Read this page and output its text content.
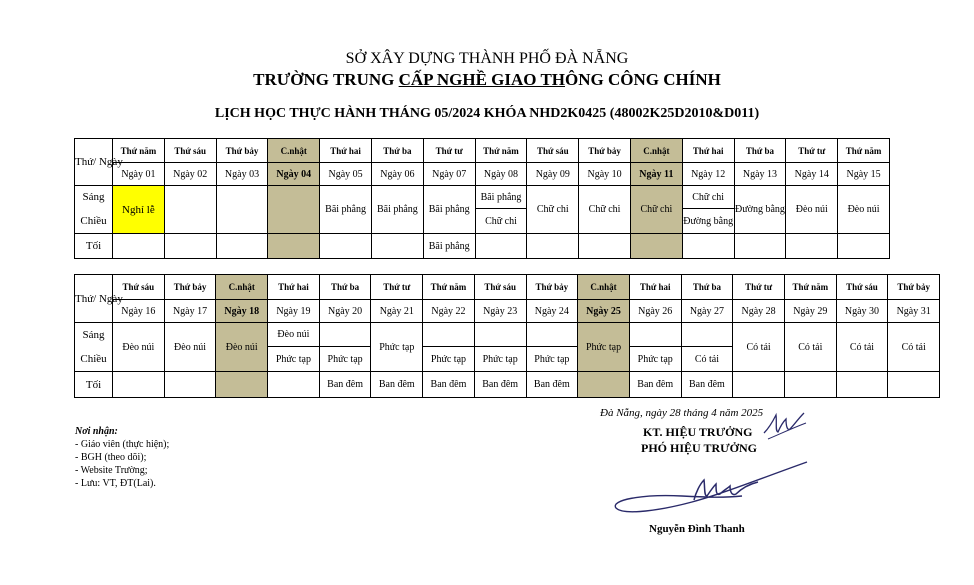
SỞ XÂY DỰNG THÀNH PHỐ ĐÀ NẴNG
TRƯỜNG TRUNG CẤP NGHỀ GIAO THÔNG CÔNG CHÍNH
LỊCH HỌC THỰC HÀNH THÁNG 05/2024 KHÓA NHD2K0425 (48002K25D2010&D011)
Thứ/ Ngày	Thứ năm	Thứ sáu	Thứ bảy	C.nhật	Thứ hai	Thứ ba	Thứ tư	Thứ năm	Thứ sáu	Thứ bảy	C.nhật	Thứ hai	Thứ ba	Thứ tư	Thứ năm
	Ngày 01	Ngày 02	Ngày 03	Ngày 04	Ngày 05	Ngày 06	Ngày 07	Ngày 08	Ngày 09	Ngày 10	Ngày 11	Ngày 12	Ngày 13	Ngày 14	Ngày 15
Sáng	Nghỉ lễ				Bãi phẳng	Bãi phẳng	Bãi phẳng	Bãi phẳng	Chữ chi	Chữ chi	Chữ chi	Chữ chi	Đường bằng	Đèo núi	Đèo núi
Chiều								Chữ chi				Đường bằng			
Tối							Bãi phẳng								
Thứ/ Ngày	Thứ sáu	Thứ bảy	C.nhật	Thứ hai	Thứ ba	Thứ tư	Thứ năm	Thứ sáu	Thứ bảy	C.nhật	Thứ hai	Thứ ba	Thứ tư	Thứ năm	Thứ sáu	Thứ bảy
	Ngày 16	Ngày 17	Ngày 18	Ngày 19	Ngày 20	Ngày 21	Ngày 22	Ngày 23	Ngày 24	Ngày 25	Ngày 26	Ngày 27	Ngày 28	Ngày 29	Ngày 30	Ngày 31
Sáng	Đèo núi	Đèo núi	Đèo núi	Đèo núi		Phức tạp				Phức tạp			Có tải	Có tải	Có tải	Có tải
Chiều				Phức tạp	Phức tạp		Phức tạp	Phức tạp	Phức tạp		Phức tạp	Có tải				
Tối					Ban đêm	Ban đêm	Ban đêm	Ban đêm	Ban đêm		Ban đêm	Ban đêm				
Nơi nhận:
- Giáo viên (thực hiện);
- BGH (theo dõi);
- Website Trường;
- Lưu: VT, ĐT(Lai).
Đà Nẵng, ngày 28 tháng 4 năm 2025
KT. HIỆU TRƯỞNG
PHÓ HIỆU TRƯỞNG
Nguyễn Đình Thanh
